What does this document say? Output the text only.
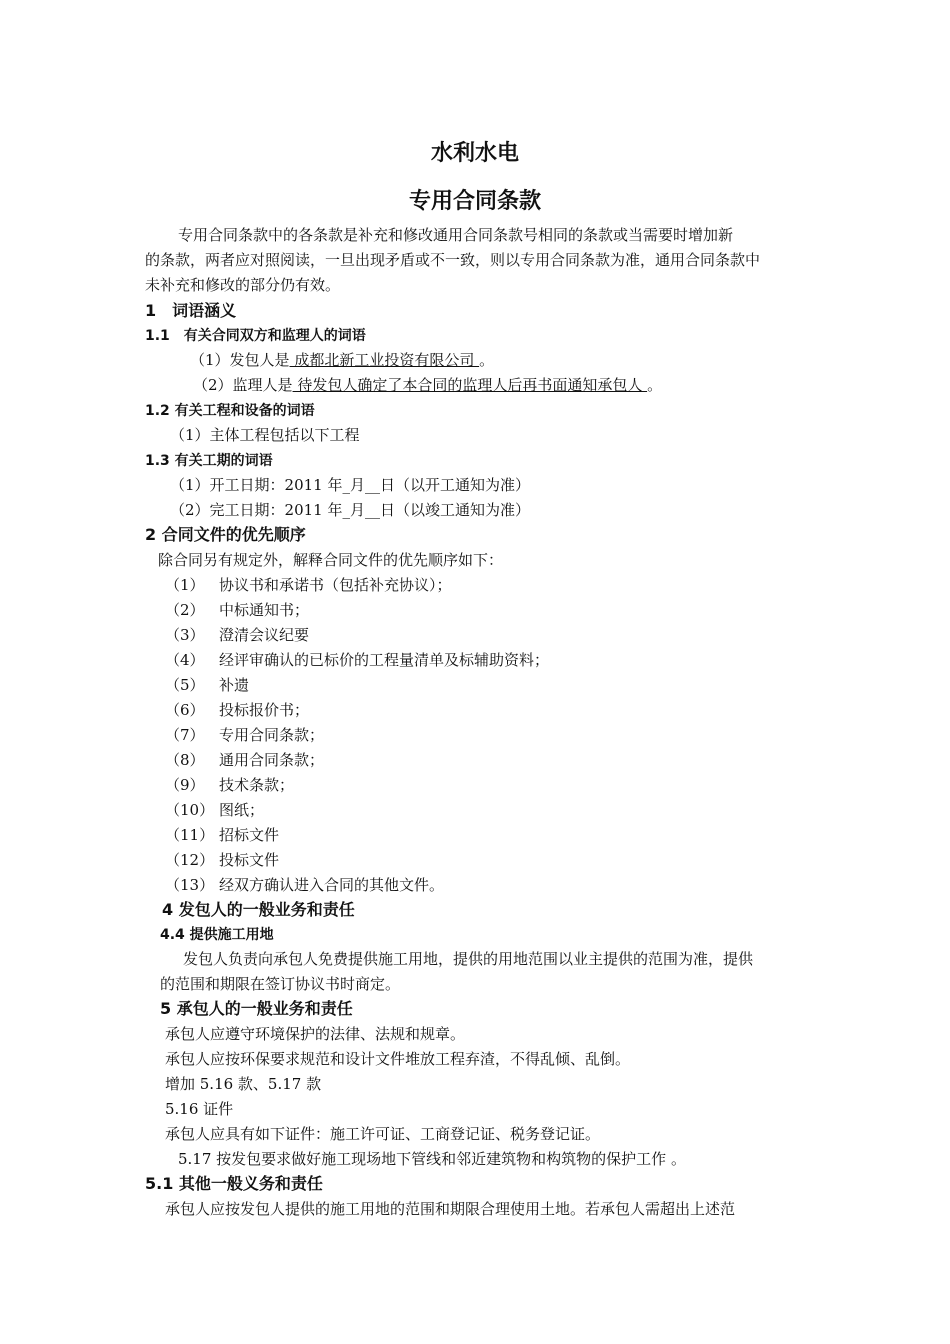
水利水电
专用合同条款
专用合同条款中的各条款是补充和修改通用合同条款号相同的条款或当需要时增加新
的条款，两者应对照阅读，一旦出现矛盾或不一致，则以专用合同条款为准，通用合同条款中
未补充和修改的部分仍有效。
1　词语涵义
1.1　有关合同双方和监理人的词语
（1）发包人是 成都北新工业投资有限公司 。
（2）监理人是 待发包人确定了本合同的监理人后再书面通知承包人 。
1.2 有关工程和设备的词语
（1）主体工程包括以下工程
1.3 有关工期的词语
（1）开工日期：2011 年_月__日（以开工通知为准）
（2）完工日期：2011 年_月__日（以竣工通知为准）
2 合同文件的优先顺序
除合同另有规定外，解释合同文件的优先顺序如下：
（1） 协议书和承诺书（包括补充协议）；
（2） 中标通知书；
（3） 澄清会议纪要
（4） 经评审确认的已标价的工程量清单及标辅助资料；
（5） 补遗
（6） 投标报价书；
（7） 专用合同条款；
（8） 通用合同条款；
（9） 技术条款；
（10） 图纸；
（11） 招标文件
（12） 投标文件
（13） 经双方确认进入合同的其他文件。
4 发包人的一般业务和责任
4.4 提供施工用地
发包人负责向承包人免费提供施工用地，提供的用地范围以业主提供的范围为准，提供
的范围和期限在签订协议书时商定。
5 承包人的一般业务和责任
承包人应遵守环境保护的法律、法规和规章。
承包人应按环保要求规范和设计文件堆放工程弃渣，不得乱倾、乱倒。
增加 5.16 款、5.17 款
5.16 证件
承包人应具有如下证件：施工许可证、工商登记证、税务登记证。
5.17 按发包要求做好施工现场地下管线和邻近建筑物和构筑物的保护工作 。
5.1 其他一般义务和责任
承包人应按发包人提供的施工用地的范围和期限合理使用土地。若承包人需超出上述范
